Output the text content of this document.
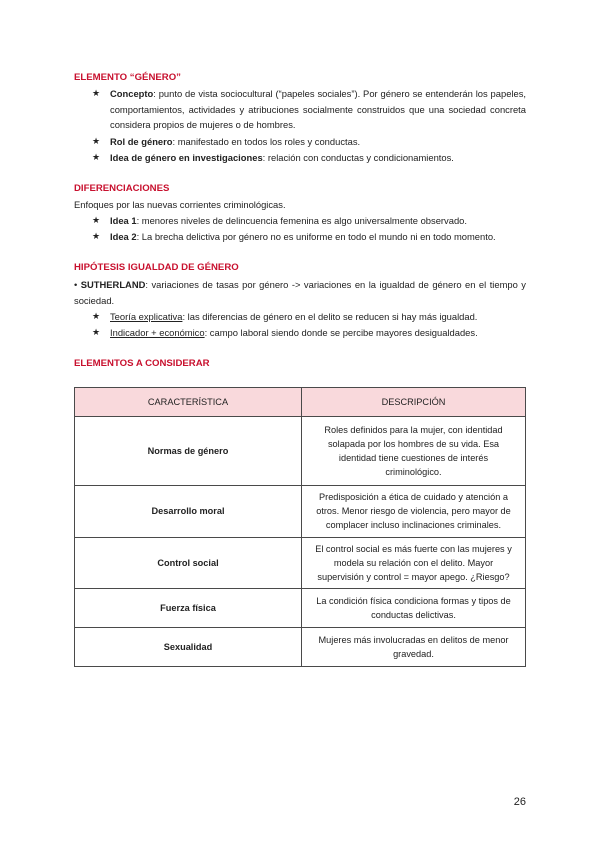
ELEMENTO “GÉNERO”
★ Concepto: punto de vista sociocultural (“papeles sociales”). Por género se entenderán los papeles, comportamientos, actividades y atribuciones socialmente construidos que una sociedad concreta considera propios de mujeres o de hombres.
★ Rol de género: manifestado en todos los roles y conductas.
★ Idea de género en investigaciones: relación con conductas y condicionamientos.
DIFERENCIACIONES
Enfoques por las nuevas corrientes criminológicas.
★ Idea 1: menores niveles de delincuencia femenina es algo universalmente observado.
★ Idea 2: La brecha delictiva por género no es uniforme en todo el mundo ni en todo momento.
HIPÓTESIS IGUALDAD DE GÉNERO
• SUTHERLAND: variaciones de tasas por género -> variaciones en la igualdad de género en el tiempo y sociedad.
★ Teoría explicativa: las diferencias de género en el delito se reducen si hay más igualdad.
★ Indicador + económico: campo laboral siendo donde se percibe mayores desigualdades.
ELEMENTOS A CONSIDERAR
CARACTERÍSTICA	DESCRIPCIÓN
Normas de género	Roles definidos para la mujer, con identidad solapada por los hombres de su vida. Esa identidad tiene cuestiones de interés criminológico.
Desarrollo moral	Predisposición a ética de cuidado y atención a otros. Menor riesgo de violencia, pero mayor de complacer incluso inclinaciones criminales.
Control social	El control social es más fuerte con las mujeres y modela su relación con el delito. Mayor supervisión y control = mayor apego. ¿Riesgo?
Fuerza física	La condición física condiciona formas y tipos de conductas delictivas.
Sexualidad	Mujeres más involucradas en delitos de menor gravedad.
26
